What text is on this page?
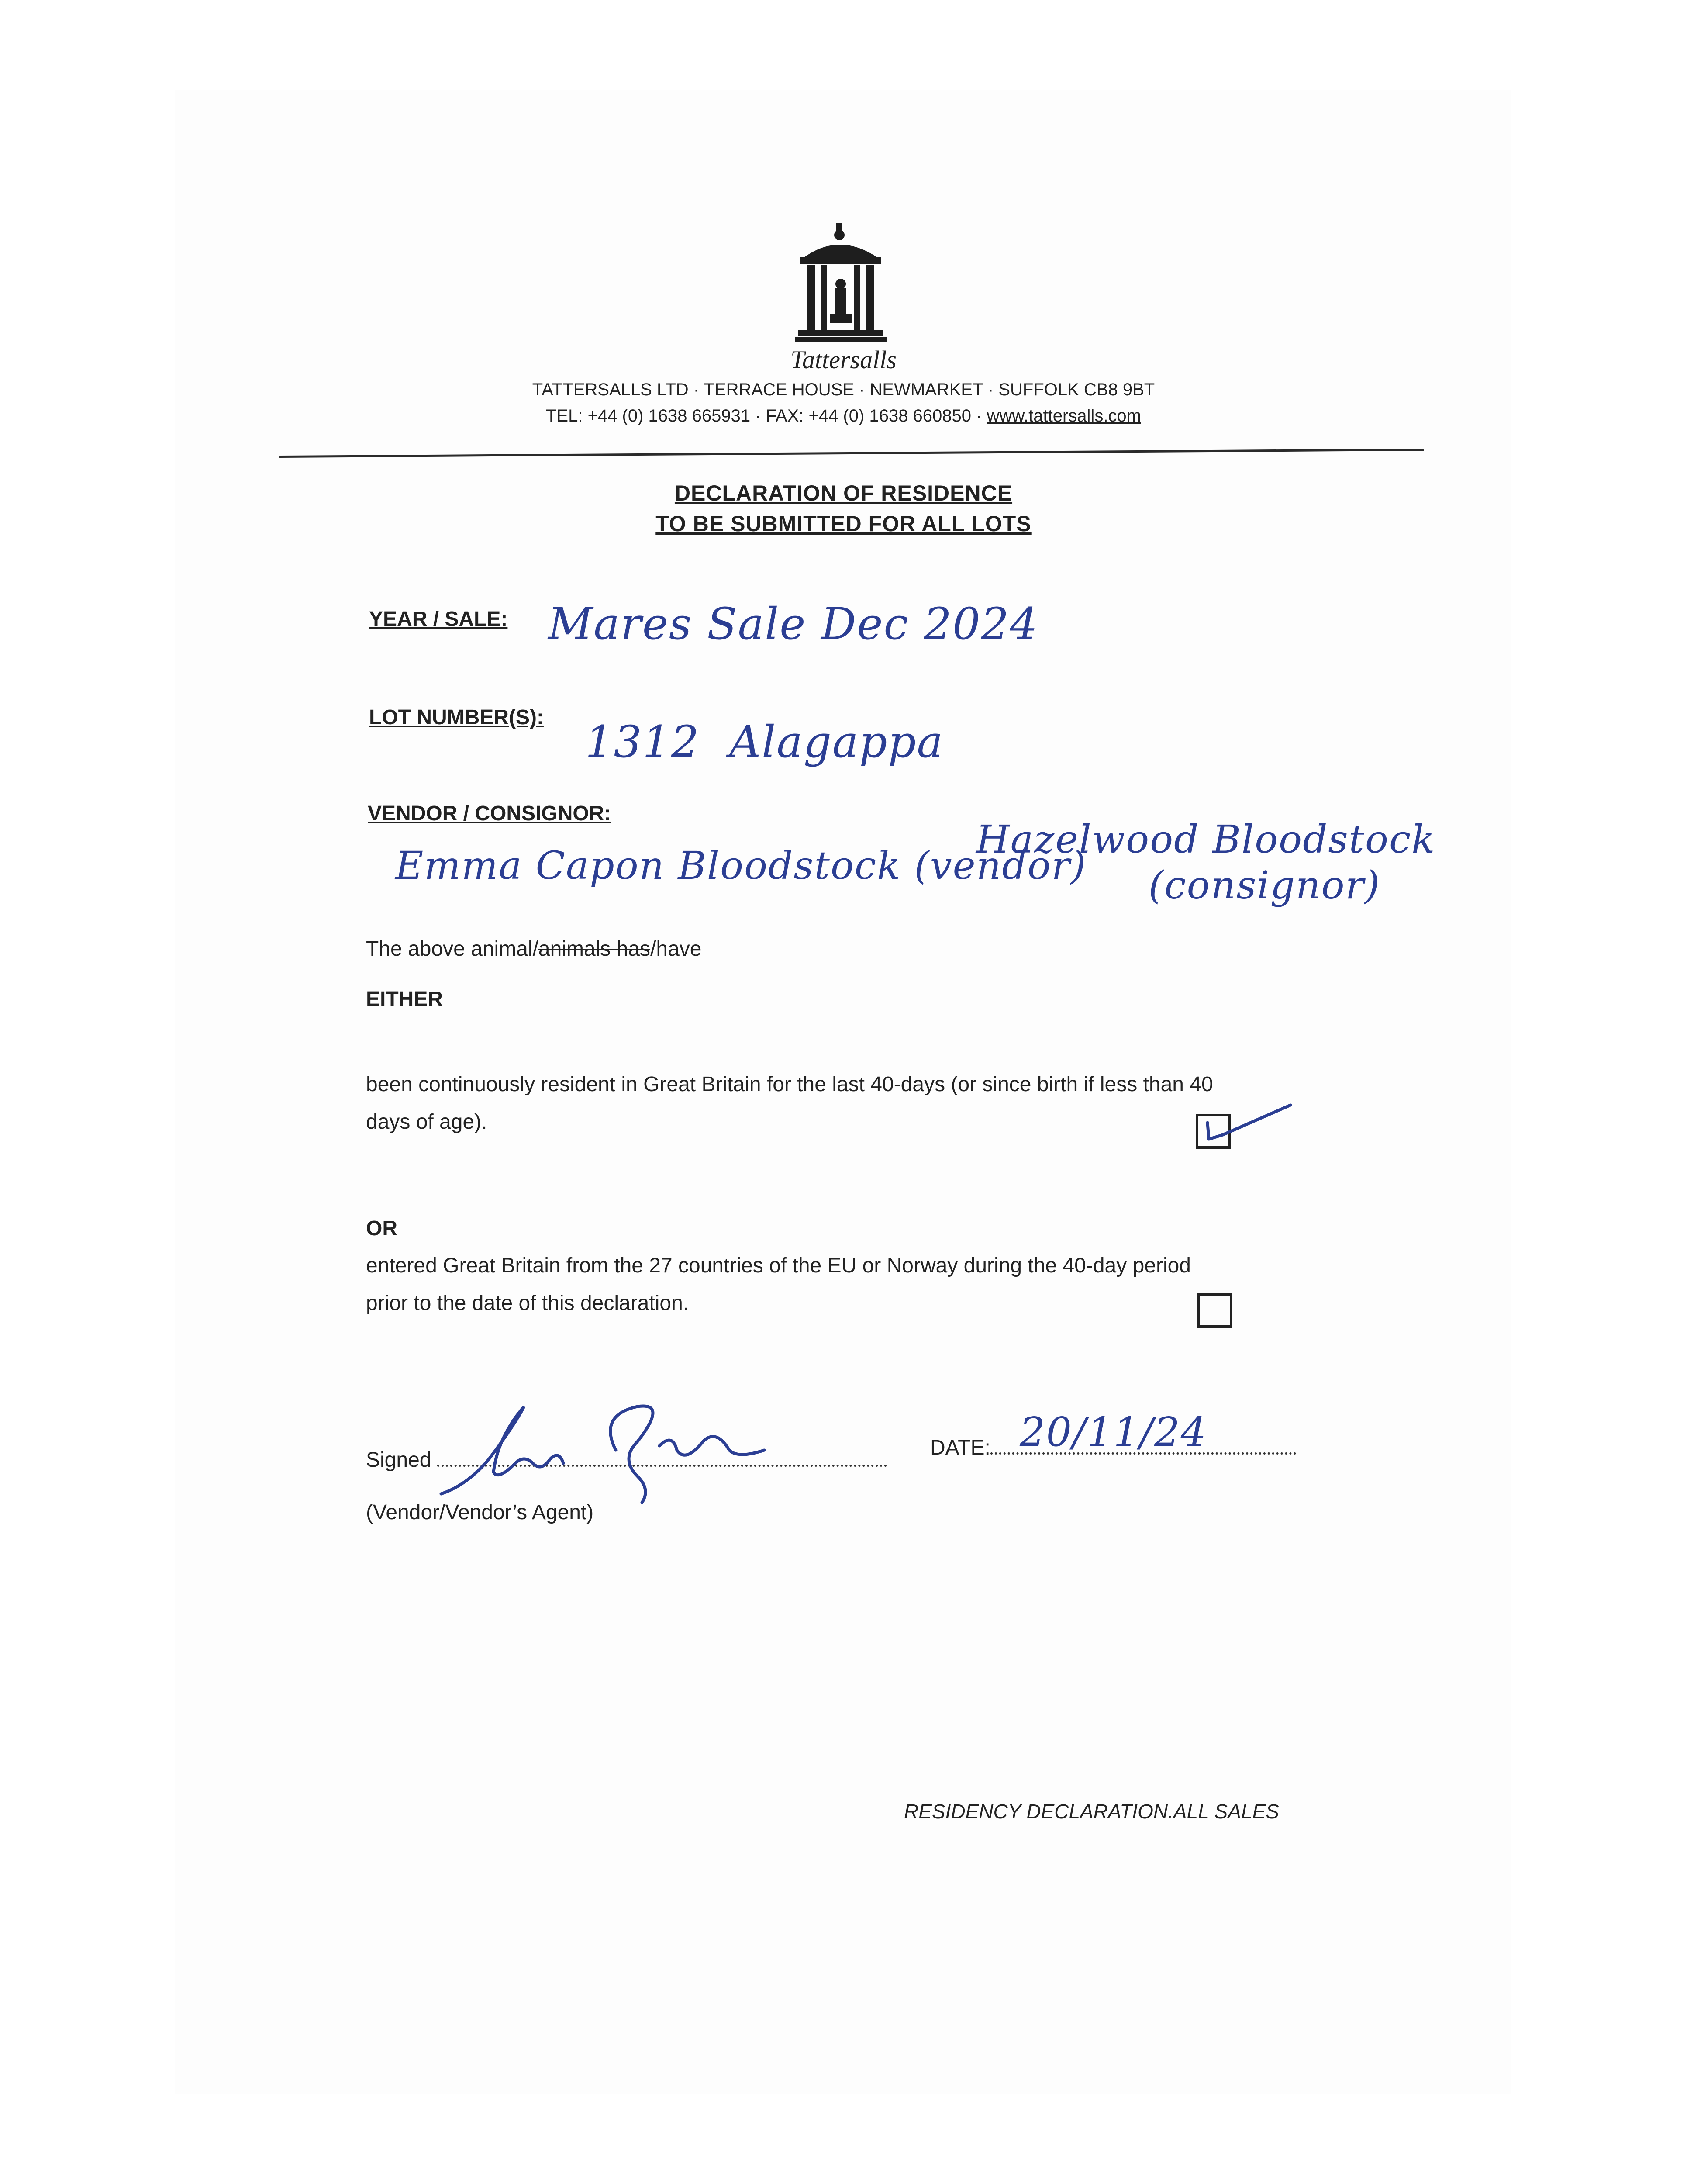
Tattersalls
TATTERSALLS LTD · TERRACE HOUSE · NEWMARKET · SUFFOLK CB8 9BT
TEL: +44 (0) 1638 665931 · FAX: +44 (0) 1638 660850 · www.tattersalls.com
DECLARATION OF RESIDENCE
TO BE SUBMITTED FOR ALL LOTS
YEAR / SALE: Mares Sale Dec 2024
LOT NUMBER(S): 1312  Alagappa
VENDOR / CONSIGNOR:
Emma Capon Bloodstock (vendor)
Hazelwood Bloodstock
(consignor)
The above animal/animals has/have
EITHER
been continuously resident in Great Britain for the last 40-days (or since birth if less than 40
days of age).
OR
entered Great Britain from the 27 countries of the EU or Norway during the 40-day period
prior to the date of this declaration.
Signed
DATE: 20/11/24
(Vendor/Vendor’s Agent)
RESIDENCY DECLARATION.ALL SALES
